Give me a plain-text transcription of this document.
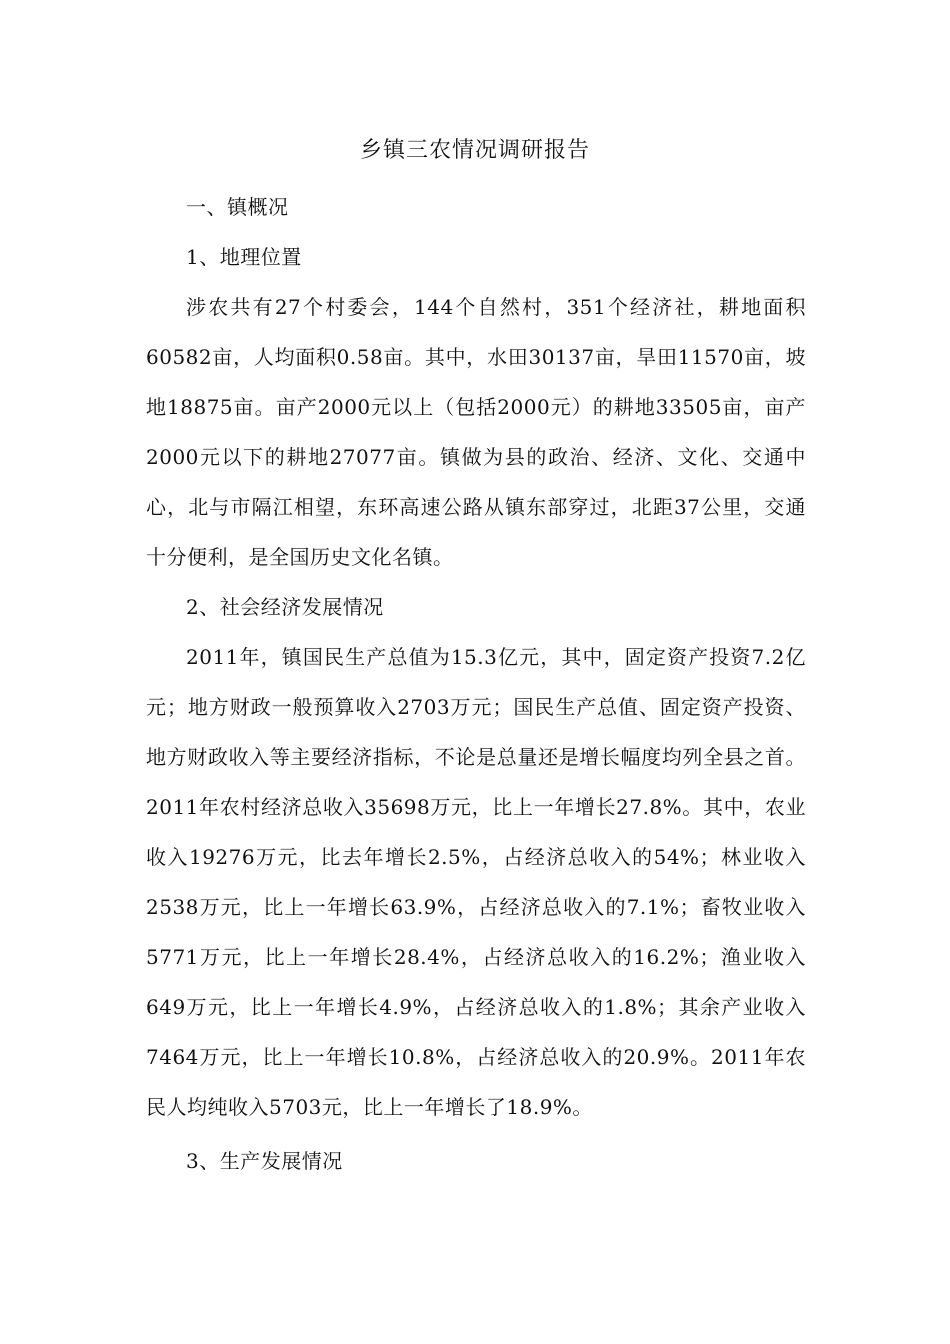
乡镇三农情况调研报告

一、镇概况

1、地理位置

涉农共有27个村委会，144个自然村，351个经济社，耕地面积60582亩，人均面积0.58亩。其中，水田30137亩，旱田11570亩，坡地18875亩。亩产2000元以上（包括2000元）的耕地33505亩，亩产2000元以下的耕地27077亩。镇做为县的政治、经济、文化、交通中心，北与市隔江相望，东环高速公路从镇东部穿过，北距37公里，交通十分便利，是全国历史文化名镇。

2、社会经济发展情况

2011年，镇国民生产总值为15.3亿元，其中，固定资产投资7.2亿元；地方财政一般预算收入2703万元；国民生产总值、固定资产投资、地方财政收入等主要经济指标，不论是总量还是增长幅度均列全县之首。2011年农村经济总收入35698万元，比上一年增长27.8%。其中，农业收入19276万元，比去年增长2.5%，占经济总收入的54%；林业收入2538万元，比上一年增长63.9%，占经济总收入的7.1%；畜牧业收入5771万元，比上一年增长28.4%，占经济总收入的16.2%；渔业收入649万元，比上一年增长4.9%，占经济总收入的1.8%；其余产业收入7464万元，比上一年增长10.8%，占经济总收入的20.9%。2011年农民人均纯收入5703元，比上一年增长了18.9%。

3、生产发展情况
